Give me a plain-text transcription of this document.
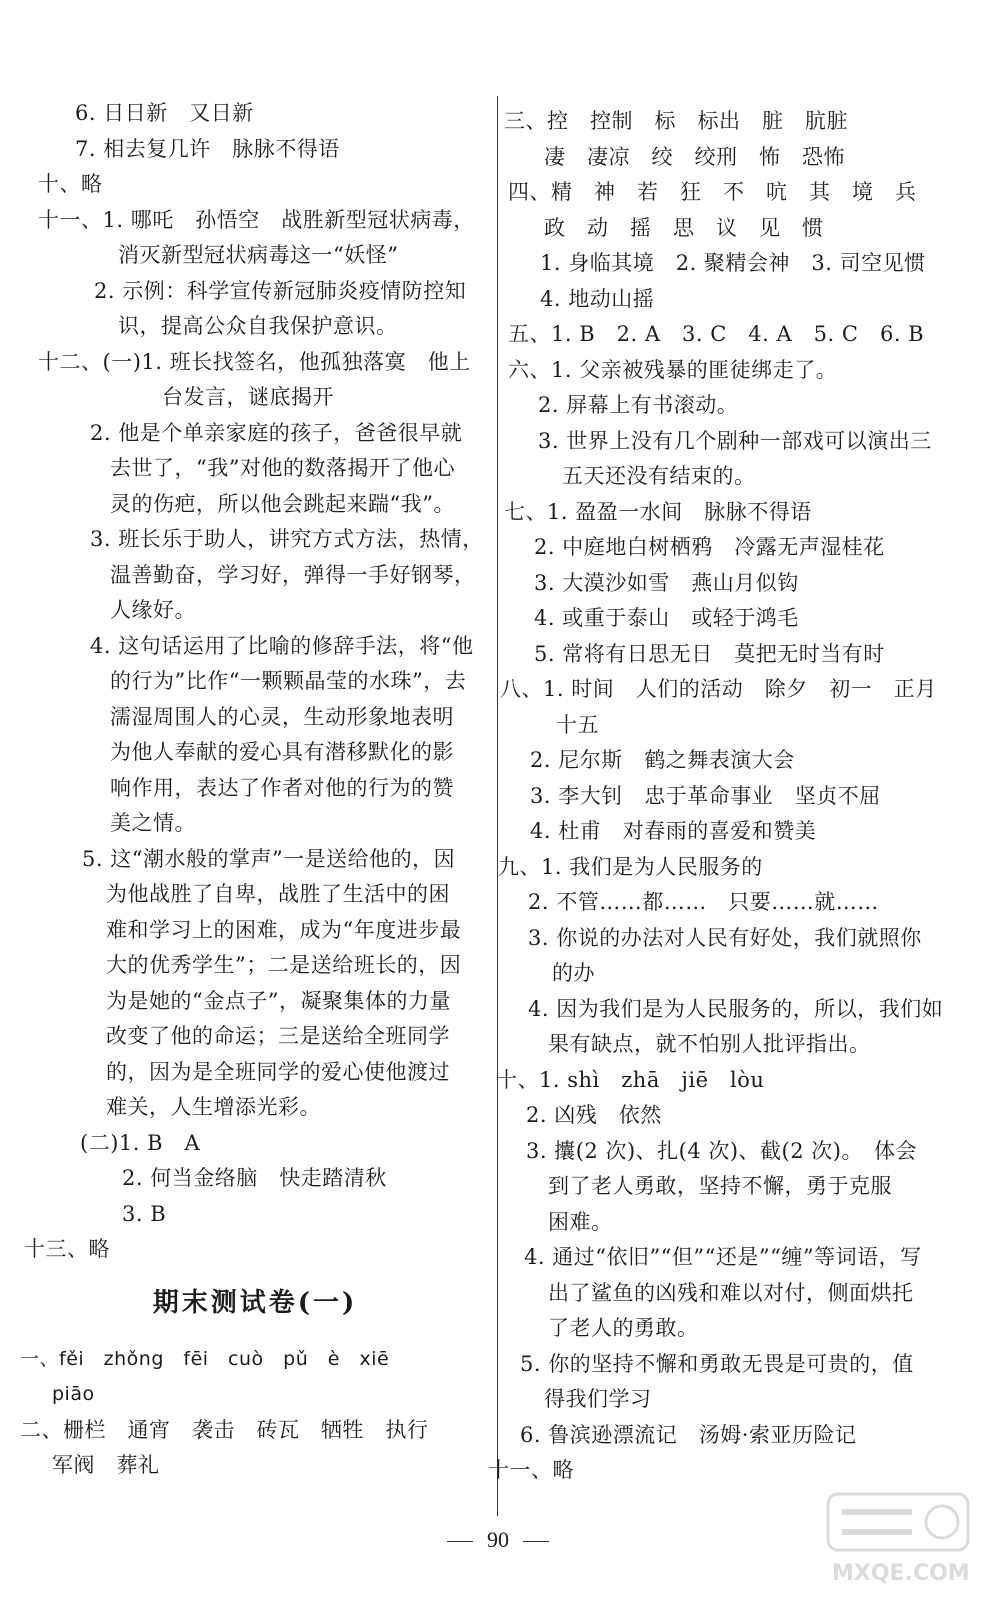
6. 日日新　又日新
7. 相去复几许　脉脉不得语
十、略
十一、1. 哪吒　孙悟空　战胜新型冠状病毒，
消灭新型冠状病毒这一“妖怪”
2. 示例：科学宣传新冠肺炎疫情防控知
识，提高公众自我保护意识。
十二、(一)1. 班长找签名，他孤独落寞　他上
台发言，谜底揭开
2. 他是个单亲家庭的孩子，爸爸很早就
去世了，“我”对他的数落揭开了他心
灵的伤疤，所以他会跳起来踹“我”。
3. 班长乐于助人，讲究方式方法，热情，
温善勤奋，学习好，弹得一手好钢琴，
人缘好。
4. 这句话运用了比喻的修辞手法，将“他
的行为”比作“一颗颗晶莹的水珠”，去
濡湿周围人的心灵，生动形象地表明
为他人奉献的爱心具有潜移默化的影
响作用，表达了作者对他的行为的赞
美之情。
5. 这“潮水般的掌声”一是送给他的，因
为他战胜了自卑，战胜了生活中的困
难和学习上的困难，成为“年度进步最
大的优秀学生”；二是送给班长的，因
为是她的“金点子”，凝聚集体的力量
改变了他的命运；三是送给全班同学
的，因为是全班同学的爱心使他渡过
难关，人生增添光彩。
(二)1. B　A
2. 何当金络脑　快走踏清秋
3. B
十三、略
期末测试卷(一)
一、fěi　zhǒng　fēi　cuò　pǔ　è　xiē
piāo
二、栅栏　通宵　袭击　砖瓦　牺牲　执行
军阀　葬礼
三、控　控制　标　标出　脏　肮脏
凄　凄凉　绞　绞刑　怖　恐怖
四、精　神　若　狂　不　吭　其　境　兵
政　动　摇　思　议　见　惯
1. 身临其境　2. 聚精会神　3. 司空见惯
4. 地动山摇
五、1. B　2. A　3. C　4. A　5. C　6. B
六、1. 父亲被残暴的匪徒绑走了。
2. 屏幕上有书滚动。
3. 世界上没有几个剧种一部戏可以演出三
五天还没有结束的。
七、1. 盈盈一水间　脉脉不得语
2. 中庭地白树栖鸦　冷露无声湿桂花
3. 大漠沙如雪　燕山月似钩
4. 或重于泰山　或轻于鸿毛
5. 常将有日思无日　莫把无时当有时
八、1. 时间　人们的活动　除夕　初一　正月
十五
2. 尼尔斯　鹤之舞表演大会
3. 李大钊　忠于革命事业　坚贞不屈
4. 杜甫　对春雨的喜爱和赞美
九、1. 我们是为人民服务的
2. 不管……都……　只要……就……
3. 你说的办法对人民有好处，我们就照你
的办
4. 因为我们是为人民服务的，所以，我们如
果有缺点，就不怕别人批评指出。
十、1. shì　zhā　jiē　lòu
2. 凶残　依然
3. 攮(2 次)、扎(4 次)、截(2 次)。　体会
到了老人勇敢，坚持不懈，勇于克服
困难。
4. 通过“依旧”“但”“还是”“缠”等词语，写
出了鲨鱼的凶残和难以对付，侧面烘托
了老人的勇敢。
5. 你的坚持不懈和勇敢无畏是可贵的，值
得我们学习
6. 鲁滨逊漂流记　汤姆·索亚历险记
十一、略
90
MXQE.COM
